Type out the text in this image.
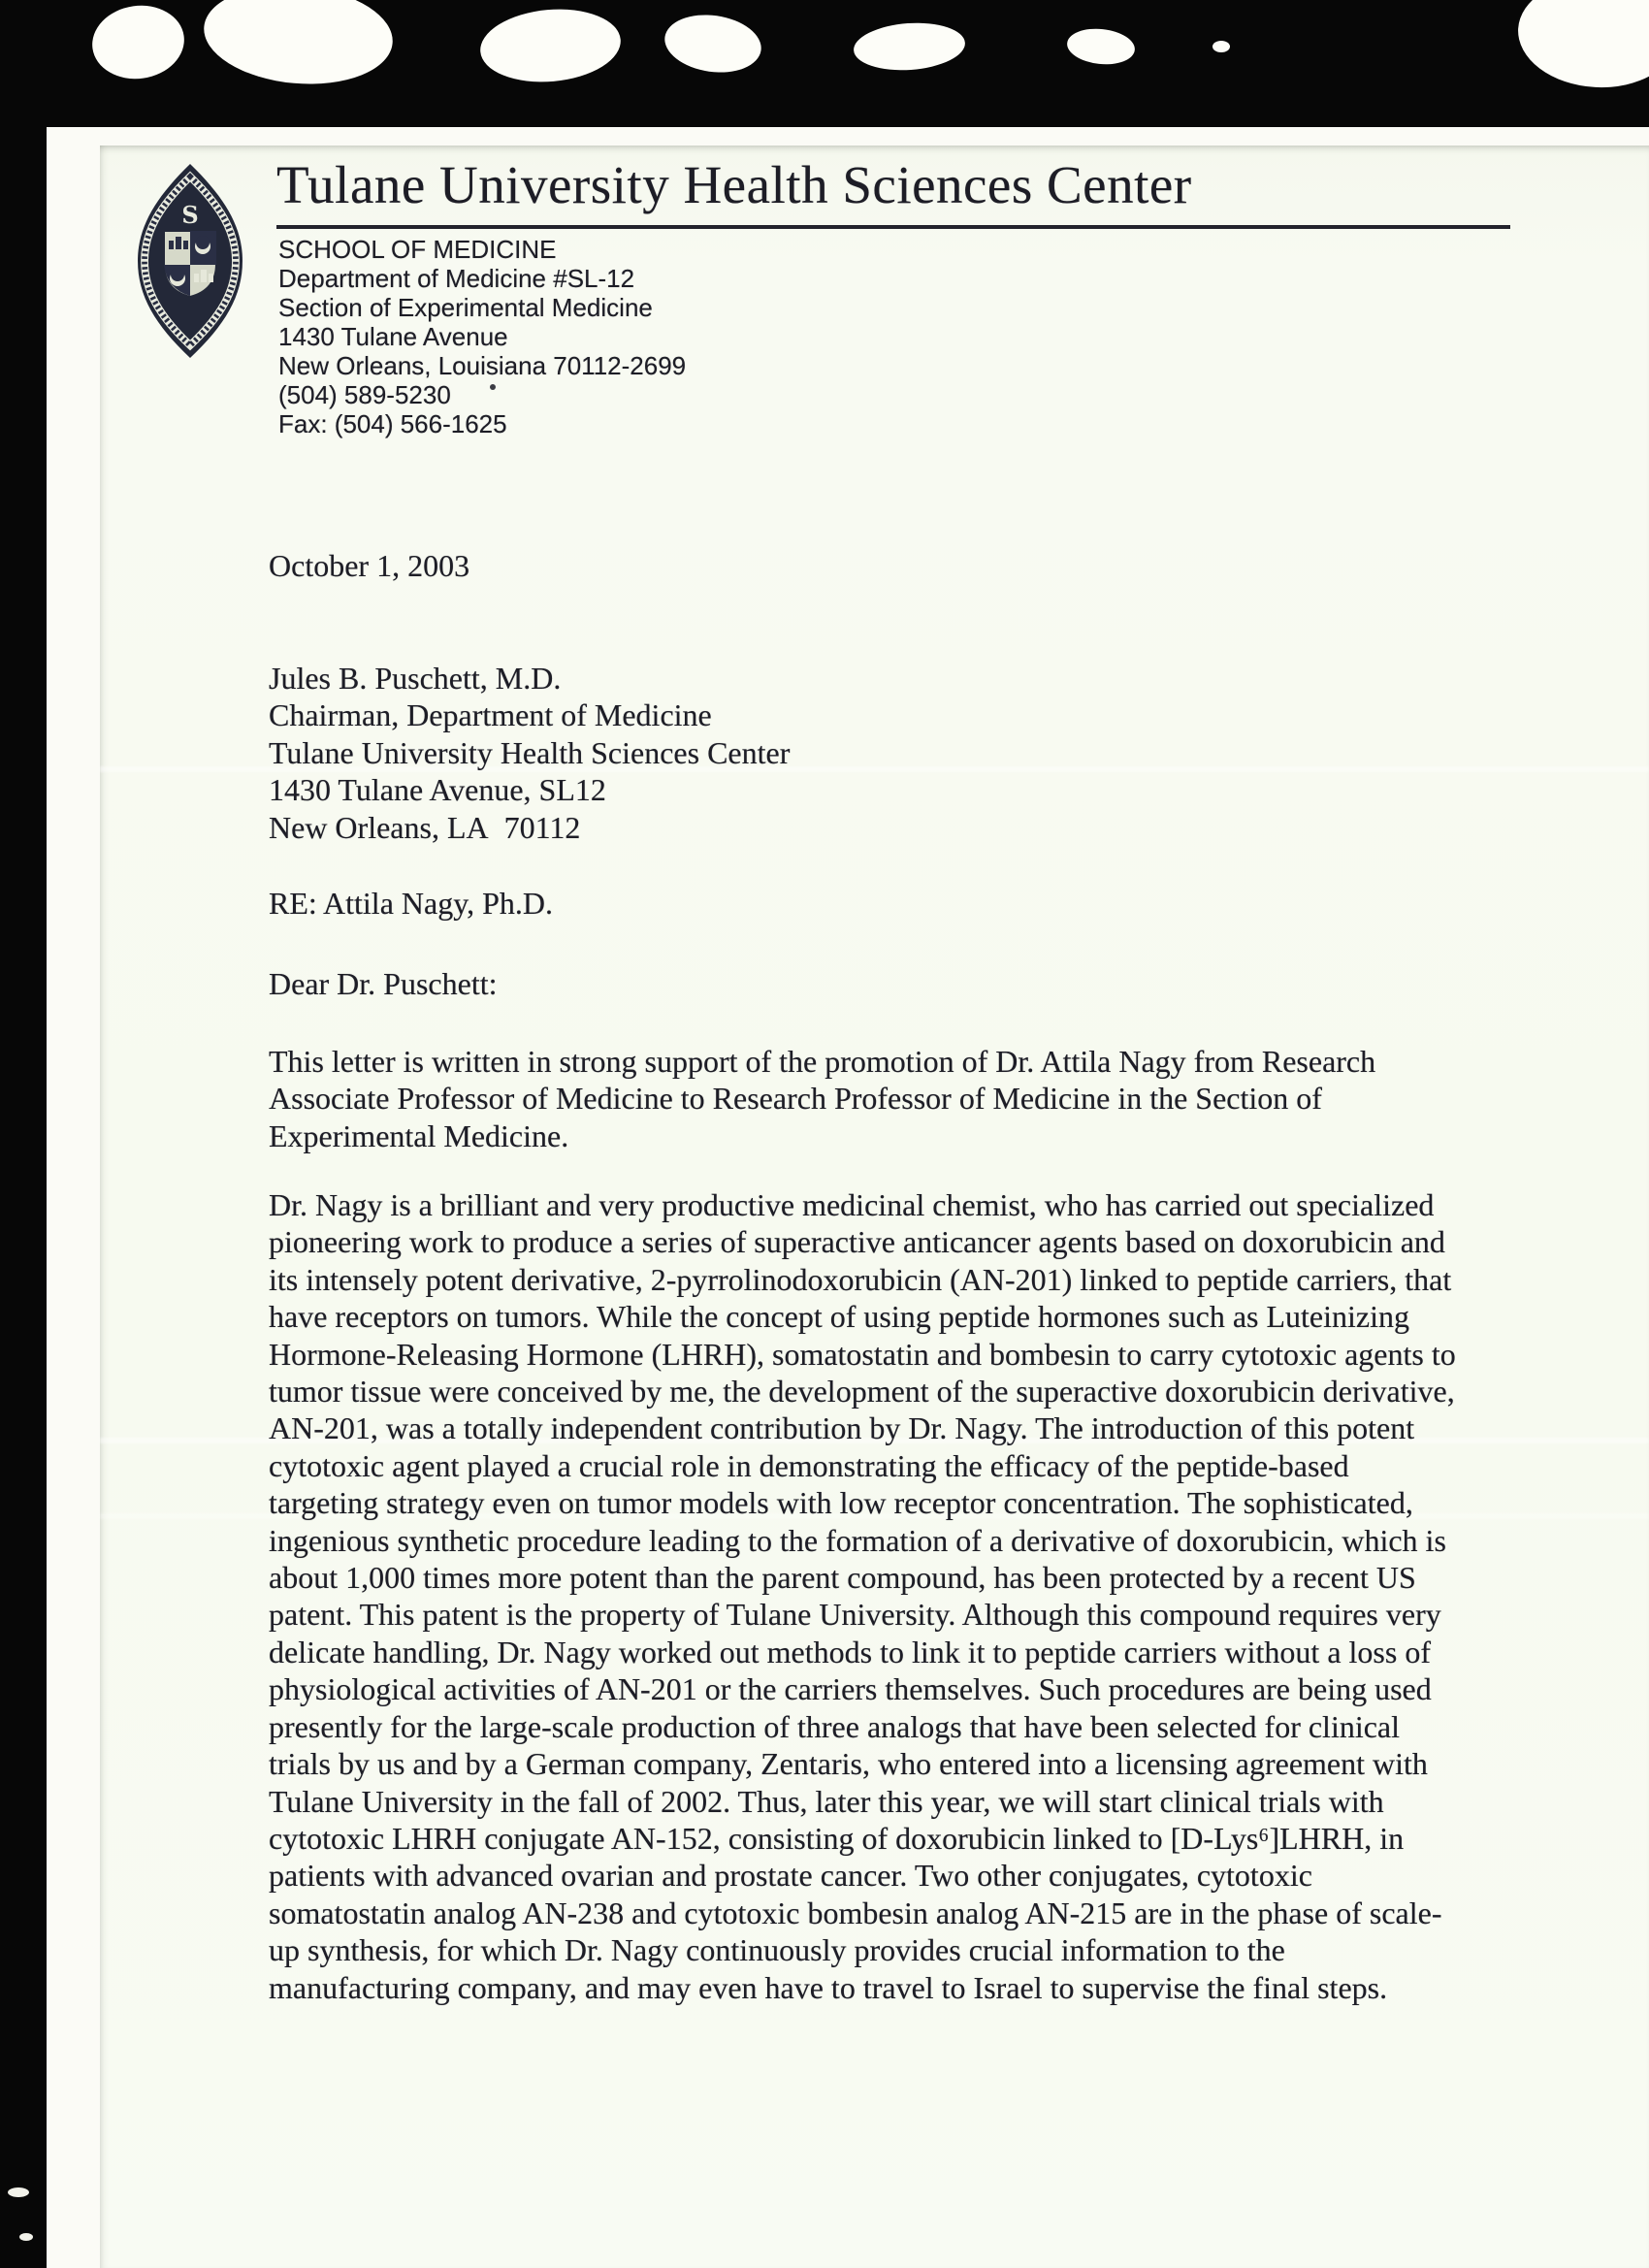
S
Tulane University Health Sciences Center
SCHOOL OF MEDICINE
Department of Medicine #SL-12
Section of Experimental Medicine
1430 Tulane Avenue
New Orleans, Louisiana 70112-2699
(504) 589-5230
Fax: (504) 566-1625
October 1, 2003
Jules B. Puschett, M.D.
Chairman, Department of Medicine
Tulane University Health Sciences Center
1430 Tulane Avenue, SL12
New Orleans, LA  70112
RE: Attila Nagy, Ph.D.
Dear Dr. Puschett:
This letter is written in strong support of the promotion of Dr. Attila Nagy from Research
Associate Professor of Medicine to Research Professor of Medicine in the Section of
Experimental Medicine.
Dr. Nagy is a brilliant and very productive medicinal chemist, who has carried out specialized
pioneering work to produce a series of superactive anticancer agents based on doxorubicin and
its intensely potent derivative, 2-pyrrolinodoxorubicin (AN-201) linked to peptide carriers, that
have receptors on tumors. While the concept of using peptide hormones such as Luteinizing
Hormone-Releasing Hormone (LHRH), somatostatin and bombesin to carry cytotoxic agents to
tumor tissue were conceived by me, the development of the superactive doxorubicin derivative,
AN-201, was a totally independent contribution by Dr. Nagy. The introduction of this potent
cytotoxic agent played a crucial role in demonstrating the efficacy of the peptide-based
targeting strategy even on tumor models with low receptor concentration. The sophisticated,
ingenious synthetic procedure leading to the formation of a derivative of doxorubicin, which is
about 1,000 times more potent than the parent compound, has been protected by a recent US
patent. This patent is the property of Tulane University. Although this compound requires very
delicate handling, Dr. Nagy worked out methods to link it to peptide carriers without a loss of
physiological activities of AN-201 or the carriers themselves. Such procedures are being used
presently for the large-scale production of three analogs that have been selected for clinical
trials by us and by a German company, Zentaris, who entered into a licensing agreement with
Tulane University in the fall of 2002. Thus, later this year, we will start clinical trials with
cytotoxic LHRH conjugate AN-152, consisting of doxorubicin linked to [D-Lys⁶]LHRH, in
patients with advanced ovarian and prostate cancer. Two other conjugates, cytotoxic
somatostatin analog AN-238 and cytotoxic bombesin analog AN-215 are in the phase of scale-
up synthesis, for which Dr. Nagy continuously provides crucial information to the
manufacturing company, and may even have to travel to Israel to supervise the final steps.
